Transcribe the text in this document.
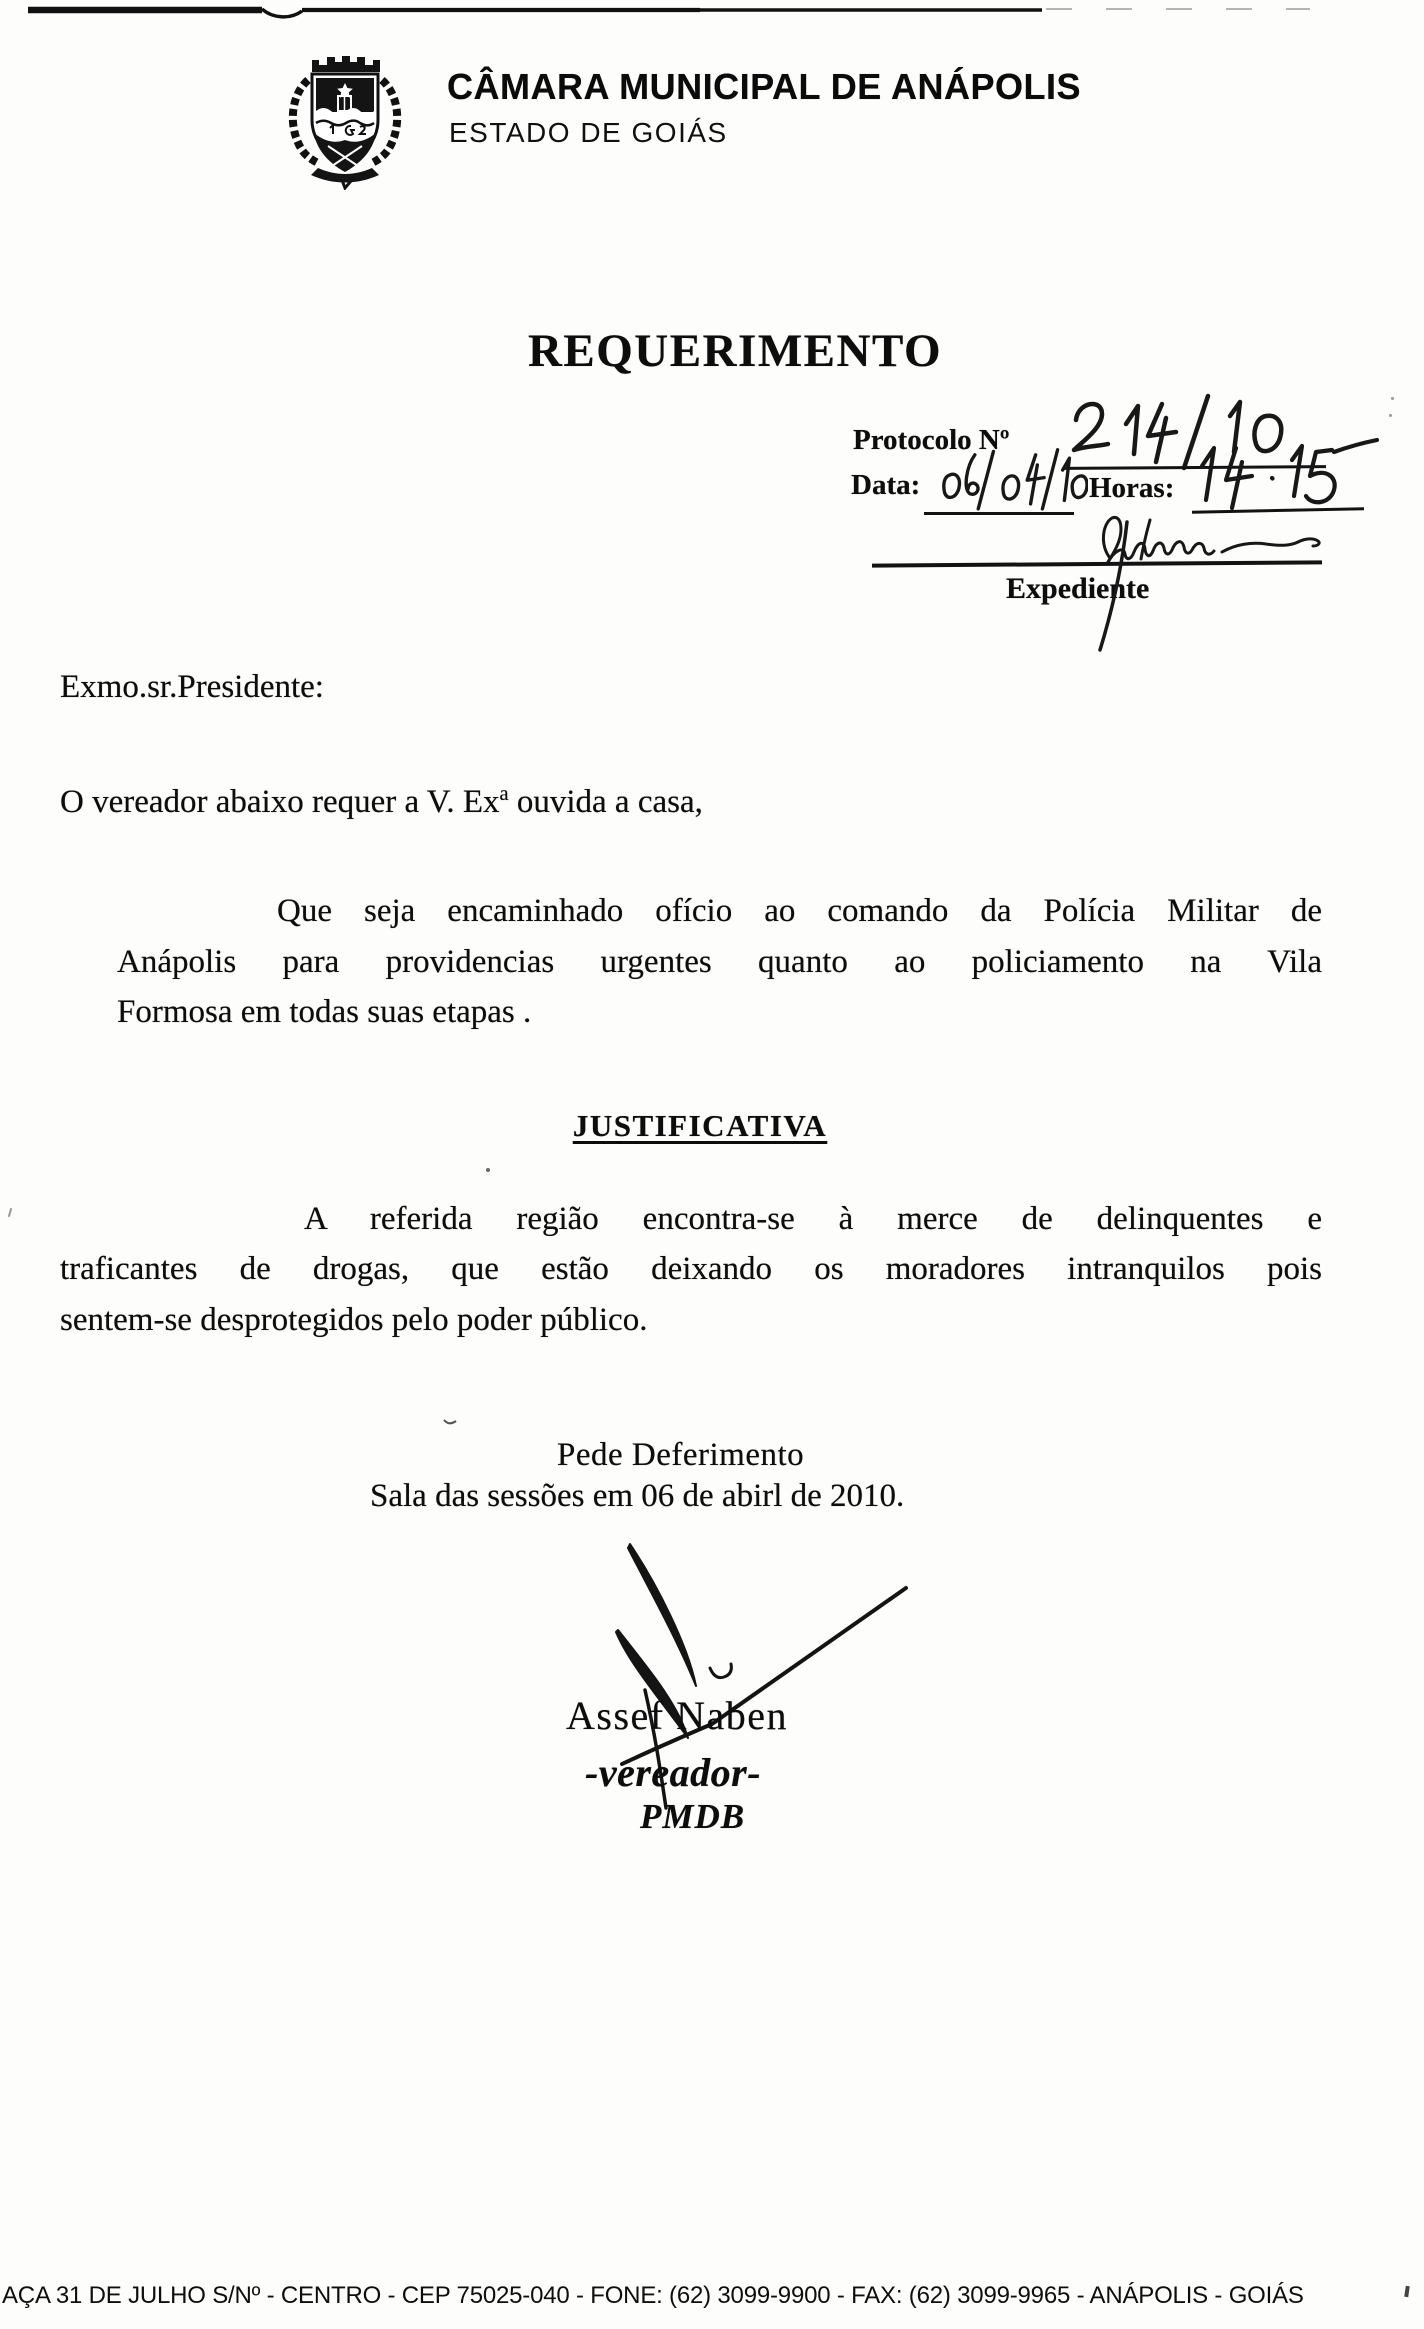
CÂMARA MUNICIPAL DE ANÁPOLIS
ESTADO DE GOIÁS
REQUERIMENTO
Protocolo Nº
Data:	Horas:
Expediente
Exmo.sr.Presidente:
O vereador abaixo requer a V. Ex$^a$ ouvida a casa,
Que seja encaminhado ofício ao comando da Polícia Militar de
Anápolis para providencias urgentes quanto ao policiamento na Vila
Formosa em todas suas etapas .
JUSTIFICATIVA
A referida região encontra-se à merce de delinquentes e
traficantes de drogas, que estão deixando os moradores intranquilos pois
sentem-se desprotegidos pelo poder público.
Pede Deferimento
Sala das sessões em 06 de abirl de 2010.
Assef Naben
-vereador-
PMDB
AÇA 31 DE JULHO S/Nº - CENTRO - CEP 75025-040 - FONE: (62) 3099-9900 - FAX: (62) 3099-9965 - ANÁPOLIS - GOIÁS
